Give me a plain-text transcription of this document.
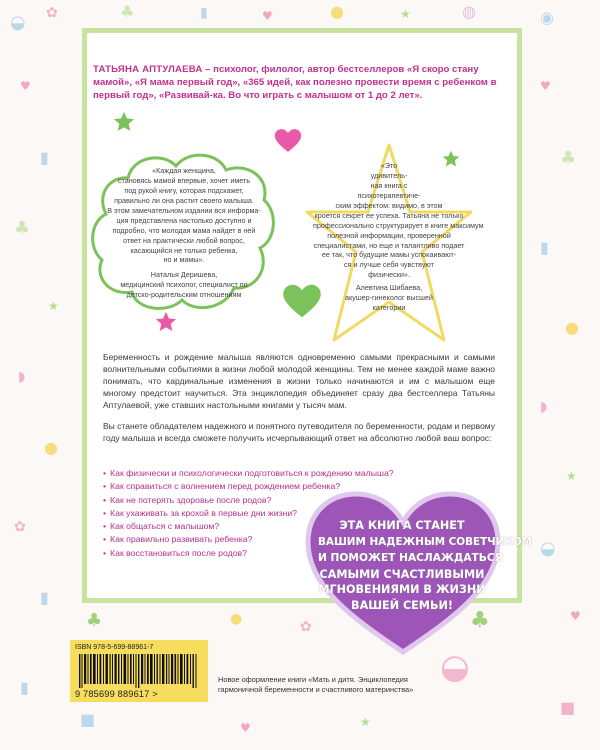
◒ ✿	♣	▮	♥	●	★	◍	◉
♥
▮
♣
★
◗
●
✿
▮
♥
♣
▮
●
◗
★
◒
♥
♣	●	✿
◒
♣
▮
■	♥	★
■

ТАТЬЯНА АПТУЛАЕВА – психолог, филолог, автор бестселлеров «Я скоро стану мамой», «Я мама первый год», «365 идей, как полезно провести время с ребенком в первый год», «Развивай-ка. Во что играть с малышом от 1 до 2 лет».

«Каждая женщина,
становясь мамой впервые, хочет иметь
под рукой книгу, которая подскажет,
правильно ли она растит своего малыша.
В этом замечательном издании вся информа-
ция представлена настолько доступно и
подробно, что молодая мама найдет в ней
ответ на практически любой вопрос,
касающийся не только ребенка,
но и мамы».

Наталья Деришева,
медицинский психолог, специалист по
детско-родительским отношениям

«Это
удивитель-
ная книга с
психотерапевтиче-
ским эффектом: видимо, в этом
кроется секрет ее успеха. Татьяна не только
профессионально структурирует в книге максимум
полезной информации, проверенной
специалистами, но еще и талантливо подает
ее так, что будущие мамы успокаивают-
ся и лучше себя чувствуют
физически».

Алевтина Шибаева,
акушер-гинеколог высшей
категории

Беременность и рождение малыша являются одновременно самыми прекрасными и самыми волнительными событиями в жизни любой молодой женщины. Тем не менее каждой маме важно понимать, что кардинальные изменения в жизни только начинаются и им с малышом еще многому предстоит научиться. Эта энциклопедия объединяет сразу два бестселлера Татьяны Аптулаевой, уже ставших настольными книгами у тысяч мам.

Вы станете обладателем надежного и понятного путеводителя по беременности, родам и первому году малыша и всегда сможете получить исчерпывающий ответ на абсолютно любой ваш вопрос:

• Как физически и психологически подготовиться к рождению малыша?
• Как справиться с волнением перед рождением ребенка?
• Как не потерять здоровье после родов?
• Как ухаживать за крохой в первые дни жизни?
• Как общаться с малышом?
• Как правильно развивать ребенка?
• Как восстановиться после родов?

ЭТА КНИГА СТАНЕТ
ВАШИМ НАДЕЖНЫМ СОВЕТЧИКОМ
И ПОМОЖЕТ НАСЛАЖДАТЬСЯ
САМЫМИ СЧАСТЛИВЫМИ
МГНОВЕНИЯМИ В ЖИЗНИ
ВАШЕЙ СЕМЬИ!

ISBN 978-5-699-88961-7
9 785699 889617 >

Новое оформление книги «Мать и дитя. Энциклопедия гармоничной беременности и счастливого материнства»
